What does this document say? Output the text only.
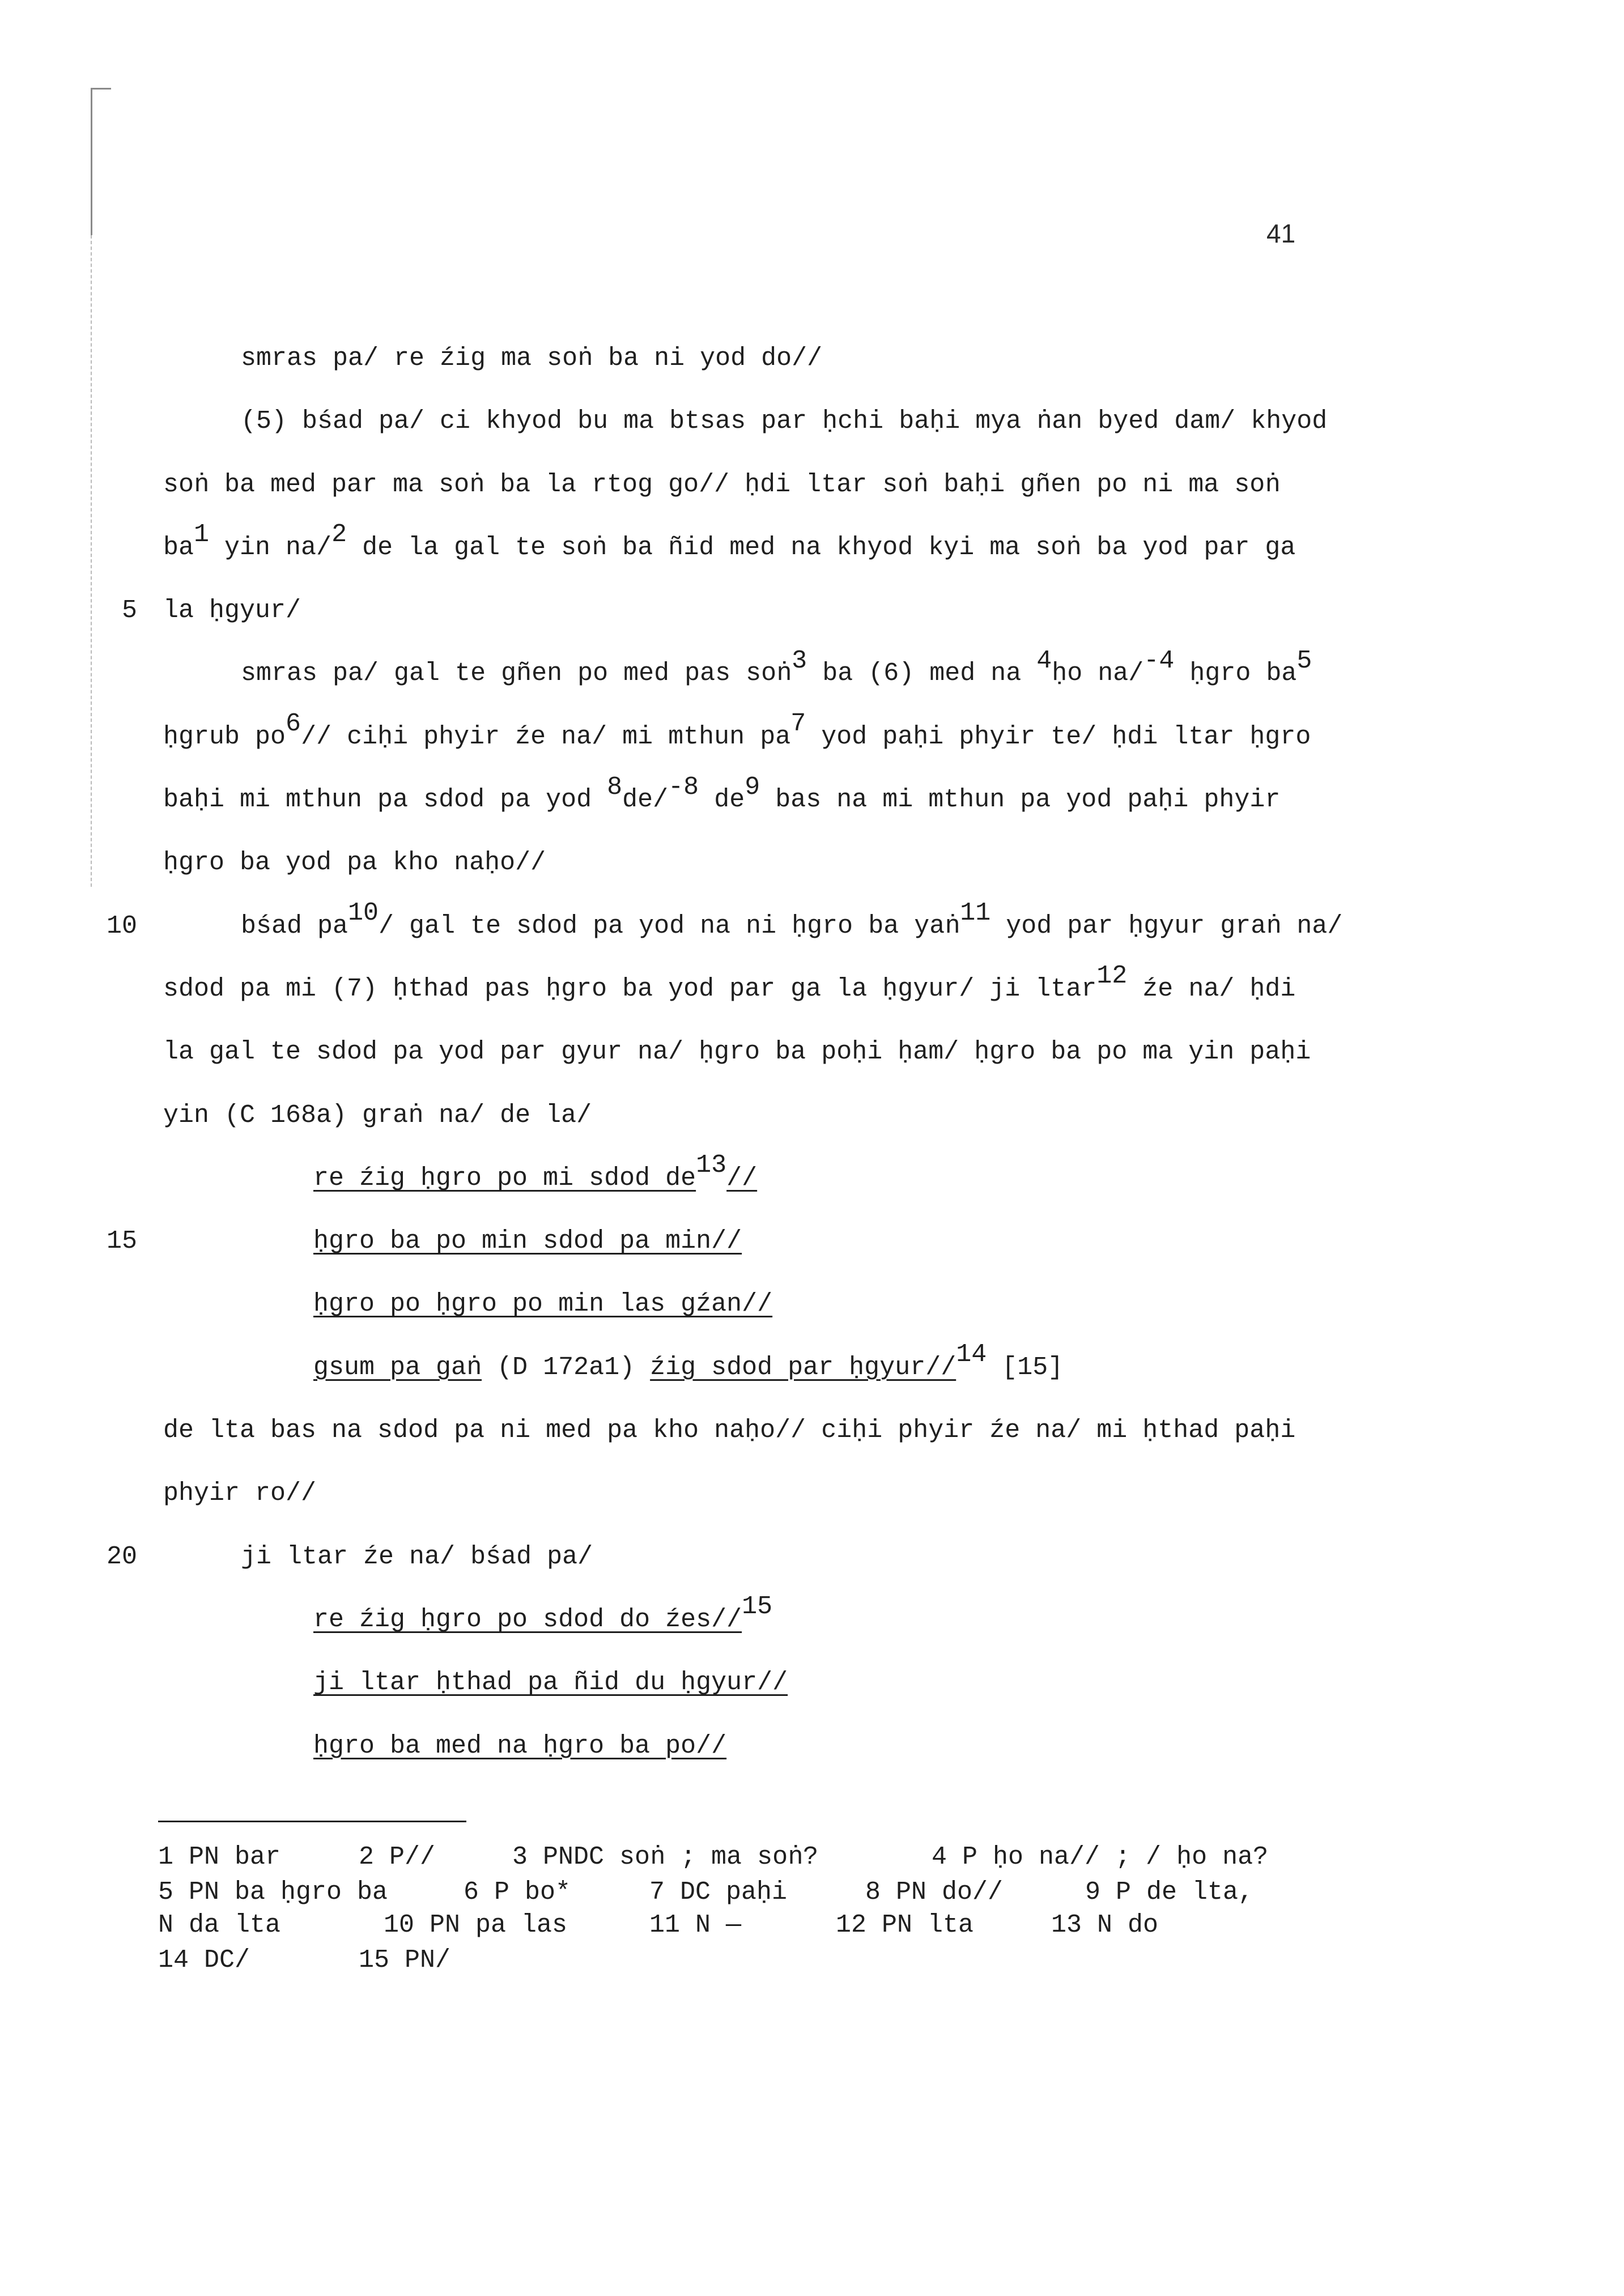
41
smras pa/ re źig ma soṅ ba ni yod do//
(5) bśad pa/ ci khyod bu ma btsas par ḥchi baḥi mya ṅan byed dam/ khyod
soṅ ba med par ma soṅ ba la rtog go// ḥdi ltar soṅ baḥi gñen po ni ma soṅ
ba1 yin na/2 de la gal te soṅ ba ñid med na khyod kyi ma soṅ ba yod par ga
5 la ḥgyur/
smras pa/ gal te gñen po med pas soṅ3 ba (6) med na 4ḥo na/-4 ḥgro ba5
ḥgrub po6// ciḥi phyir źe na/ mi mthun pa7 yod paḥi phyir te/ ḥdi ltar ḥgro
baḥi mi mthun pa sdod pa yod 8de/-8 de9 bas na mi mthun pa yod paḥi phyir
ḥgro ba yod pa kho naḥo//
10	bśad pa10/ gal te sdod pa yod na ni ḥgro ba yaṅ11 yod par ḥgyur graṅ na/
sdod pa mi (7) ḥthad pas ḥgro ba yod par ga la ḥgyur/ ji ltar12 źe na/ ḥdi
la gal te sdod pa yod par gyur na/ ḥgro ba poḥi ḥam/ ḥgro ba po ma yin paḥi
yin (C 168a) graṅ na/ de la/
re źig ḥgro po mi sdod de13//
15	ḥgro ba po min sdod pa min//
ḥgro po ḥgro po min las gźan//
gsum pa gaṅ (D 172a1) źig sdod par ḥgyur//14 [15]
de lta bas na sdod pa ni med pa kho naḥo// ciḥi phyir źe na/ mi ḥthad paḥi
phyir ro//
20	ji ltar źe na/ bśad pa/
re źig ḥgro po sdod do źes//15
ji ltar ḥthad pa ñid du ḥgyur//
ḥgro ba med na ḥgro ba po//
1 PN bar	2 P//	3 PNDC soṅ ; ma soṅ?	4 P ḥo na// ; / ḥo na?
5 PN ba ḥgro ba	6 P bo*	7 DC paḥi	8 PN do//	9 P de lta,
N da lta	10 PN pa las	11 N —	12 PN lta	13 N do
14 DC/	15 PN/
